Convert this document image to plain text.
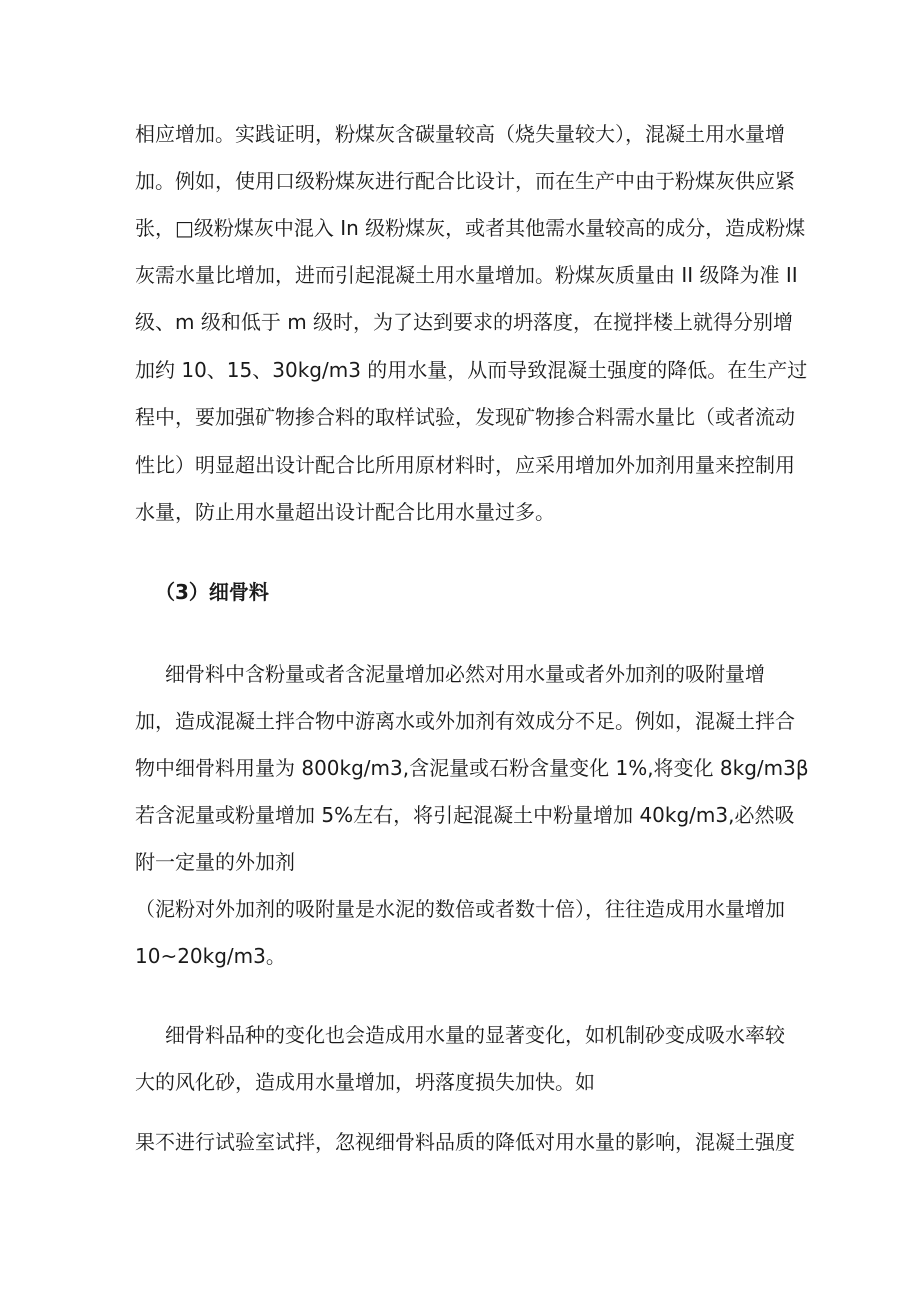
相应增加。实践证明，粉煤灰含碳量较高（烧失量较大），混凝土用水量增
加。例如，使用口级粉煤灰进行配合比设计，而在生产中由于粉煤灰供应紧
张，□级粉煤灰中混入 In 级粉煤灰，或者其他需水量较高的成分，造成粉煤
灰需水量比增加，进而引起混凝土用水量增加。粉煤灰质量由 II 级降为准 II
级、m 级和低于 m 级时，为了达到要求的坍落度，在搅拌楼上就得分别增
加约 10、15、30kg/m3 的用水量，从而导致混凝土强度的降低。在生产过
程中，要加强矿物掺合料的取样试验，发现矿物掺合料需水量比（或者流动
性比）明显超出设计配合比所用原材料时，应采用增加外加剂用量来控制用
水量，防止用水量超出设计配合比用水量过多。
（3）细骨料
细骨料中含粉量或者含泥量增加必然对用水量或者外加剂的吸附量增
加，造成混凝土拌合物中游离水或外加剂有效成分不足。例如，混凝土拌合
物中细骨料用量为 800kg/m3,含泥量或石粉含量变化 1%,将变化 8kg/m3β
若含泥量或粉量增加 5%左右，将引起混凝土中粉量增加 40kg/m3,必然吸
附一定量的外加剂
（泥粉对外加剂的吸附量是水泥的数倍或者数十倍），往往造成用水量增加
10~20kg/m3。
细骨料品种的变化也会造成用水量的显著变化，如机制砂变成吸水率较
大的风化砂，造成用水量增加，坍落度损失加快。如
果不进行试验室试拌，忽视细骨料品质的降低对用水量的影响，混凝土强度
